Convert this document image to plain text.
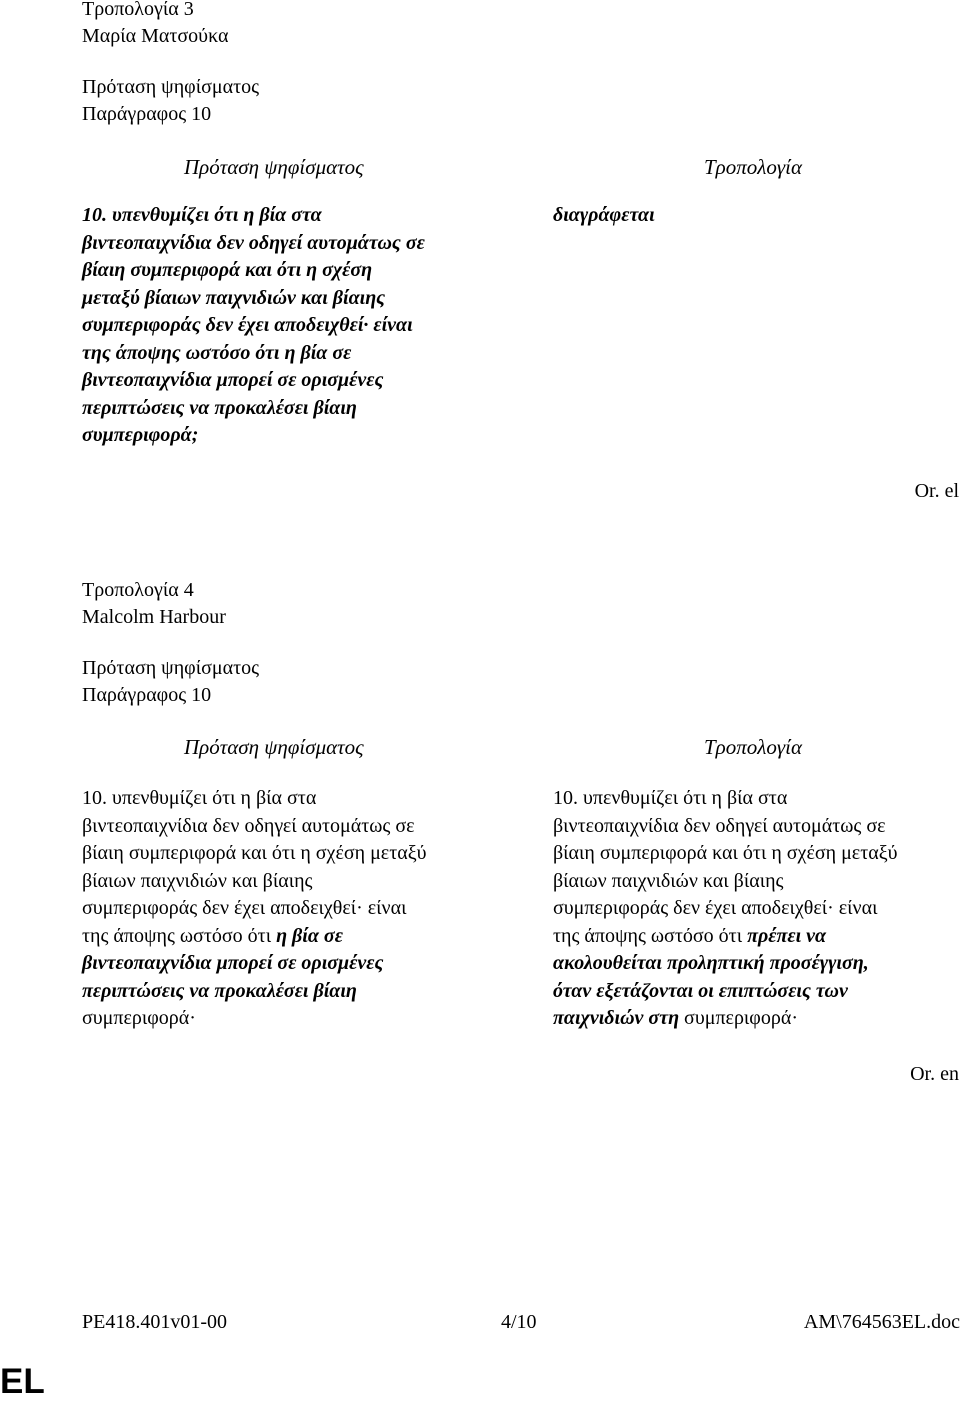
Τροπολογία 3
Μαρία Ματσούκα
Πρόταση ψηφίσματος
Παράγραφος 10
Πρόταση ψηφίσματος	Τροπολογία
10. υπενθυμίζει ότι η βία στα
βιντεοπαιχνίδια δεν οδηγεί αυτομάτως σε
βίαιη συμπεριφορά και ότι η σχέση
μεταξύ βίαιων παιχνιδιών και βίαιης
συμπεριφοράς δεν έχει αποδειχθεί· είναι
της άποψης ωστόσο ότι η βία σε
βιντεοπαιχνίδια μπορεί σε ορισμένες
περιπτώσεις να προκαλέσει βίαιη
συμπεριφορά;
διαγράφεται
Or. el
Τροπολογία 4
Malcolm Harbour
Πρόταση ψηφίσματος
Παράγραφος 10
Πρόταση ψηφίσματος	Τροπολογία
10. υπενθυμίζει ότι η βία στα
βιντεοπαιχνίδια δεν οδηγεί αυτομάτως σε
βίαιη συμπεριφορά και ότι η σχέση μεταξύ
βίαιων παιχνιδιών και βίαιης
συμπεριφοράς δεν έχει αποδειχθεί· είναι
της άποψης ωστόσο ότι η βία σε
βιντεοπαιχνίδια μπορεί σε ορισμένες
περιπτώσεις να προκαλέσει βίαιη
συμπεριφορά·
10. υπενθυμίζει ότι η βία στα
βιντεοπαιχνίδια δεν οδηγεί αυτομάτως σε
βίαιη συμπεριφορά και ότι η σχέση μεταξύ
βίαιων παιχνιδιών και βίαιης
συμπεριφοράς δεν έχει αποδειχθεί· είναι
της άποψης ωστόσο ότι πρέπει να
ακολουθείται προληπτική προσέγγιση,
όταν εξετάζονται οι επιπτώσεις των
παιχνιδιών στη συμπεριφορά·
Or. en
PE418.401v01-00	4/10	AM\764563EL.doc
EL
